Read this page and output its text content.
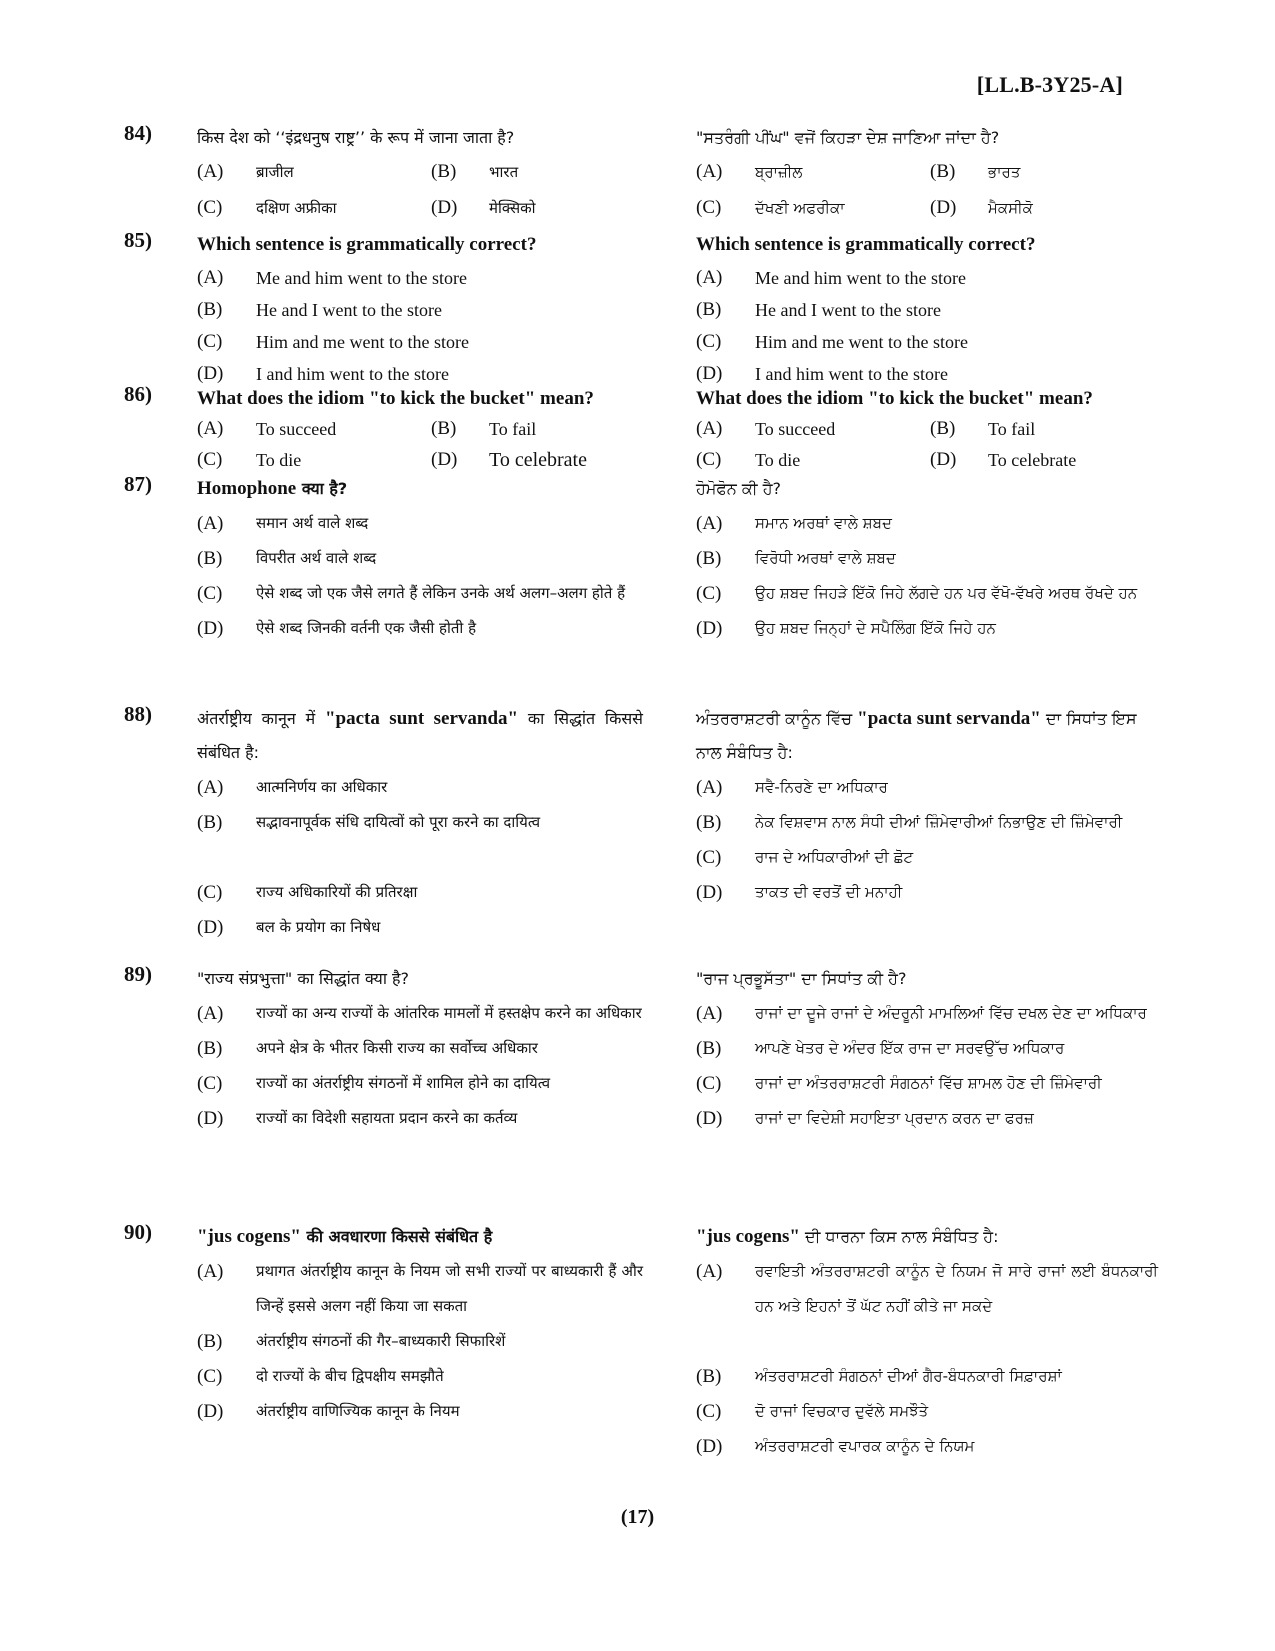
[LL.B-3Y25-A]
84)	किस देश को ‘‘इंद्रधनुष राष्ट्र’’ के रूप में जाना जाता है?

(A) ब्राजील	(B) भारत
(C) दक्षिण अफ्रीका	(D) मेक्सिको

"ਸਤਰੰਗੀ ਪੀਂਘ" ਵਜੋਂ ਕਿਹੜਾ ਦੇਸ਼ ਜਾਣਿਆ ਜਾਂਦਾ ਹੈ?

(A) ਬ੍ਰਾਜ਼ੀਲ	(B) ਭਾਰਤ
(C) ਦੱਖਣੀ ਅਫਰੀਕਾ	(D) ਮੈਕਸੀਕੋ
85) Which sentence is grammatically correct?

(A) Me and him went to the store
(B) He and I went to the store
(C) Him and me went to the store
(D) I and him went to the store

Which sentence is grammatically correct?

(A) Me and him went to the store
(B) He and I went to the store
(C) Him and me went to the store
(D) I and him went to the store
86) What does the idiom "to kick the bucket" mean?

(A) To succeed	(B) To fail
(C) To die	(D) To celebrate

What does the idiom "to kick the bucket" mean?

(A) To succeed	(B) To fail
(C) To die	(D) To celebrate
87) Homophone क्या है?

(A) समान अर्थ वाले शब्द
(B) विपरीत अर्थ वाले शब्द
(C) ऐसे शब्द जो एक जैसे लगते हैं लेकिन उनके अर्थ अलग–अलग होते हैं
(D) ऐसे शब्द जिनकी वर्तनी एक जैसी होती है

ਹੋਮੋਫੋਨ ਕੀ ਹੈ?

(A) ਸਮਾਨ ਅਰਥਾਂ ਵਾਲੇ ਸ਼ਬਦ
(B) ਵਿਰੋਧੀ ਅਰਥਾਂ ਵਾਲੇ ਸ਼ਬਦ
(C) ਉਹ ਸ਼ਬਦ ਜਿਹੜੇ ਇੱਕੋ ਜਿਹੇ ਲੱਗਦੇ ਹਨ ਪਰ ਵੱਖੋ-ਵੱਖਰੇ ਅਰਥ ਰੱਖਦੇ ਹਨ
(D) ਉਹ ਸ਼ਬਦ ਜਿਨ੍ਹਾਂ ਦੇ ਸਪੈਲਿੰਗ ਇੱਕੋ ਜਿਹੇ ਹਨ
88)	अंतर्राष्ट्रीय कानून में "pacta sunt servanda" का सिद्धांत किससे संबंधित है:

(A) आत्मनिर्णय का अधिकार
(B) सद्भावनापूर्वक संधि दायित्वों को पूरा करने का दायित्व
(C) राज्य अधिकारियों की प्रतिरक्षा
(D) बल के प्रयोग का निषेध

ਅੰਤਰਰਾਸ਼ਟਰੀ ਕਾਨੂੰਨ ਵਿੱਚ "pacta sunt servanda" ਦਾ ਸਿਧਾਂਤ ਇਸ ਨਾਲ ਸੰਬੰਧਿਤ ਹੈ:

(A) ਸਵੈ-ਨਿਰਣੇ ਦਾ ਅਧਿਕਾਰ
(B) ਨੇਕ ਵਿਸ਼ਵਾਸ ਨਾਲ ਸੰਧੀ ਦੀਆਂ ਜ਼ਿੰਮੇਵਾਰੀਆਂ ਨਿਭਾਉਣ ਦੀ ਜ਼ਿੰਮੇਵਾਰੀ
(C) ਰਾਜ ਦੇ ਅਧਿਕਾਰੀਆਂ ਦੀ ਛੋਟ
(D) ਤਾਕਤ ਦੀ ਵਰਤੋਂ ਦੀ ਮਨਾਹੀ
89)	"राज्य संप्रभुत्ता" का सिद्धांत क्या है?

(A) राज्यों का अन्य राज्यों के आंतरिक मामलों में हस्तक्षेप करने का अधिकार
(B) अपने क्षेत्र के भीतर किसी राज्य का सर्वोच्च अधिकार
(C) राज्यों का अंतर्राष्ट्रीय संगठनों में शामिल होने का दायित्व
(D) राज्यों का विदेशी सहायता प्रदान करने का कर्तव्य

"ਰਾਜ ਪ੍ਰਭੂਸੱਤਾ" ਦਾ ਸਿਧਾਂਤ ਕੀ ਹੈ?

(A) ਰਾਜਾਂ ਦਾ ਦੂਜੇ ਰਾਜਾਂ ਦੇ ਅੰਦਰੂਨੀ ਮਾਮਲਿਆਂ ਵਿੱਚ ਦਖਲ ਦੇਣ ਦਾ ਅਧਿਕਾਰ
(B) ਆਪਣੇ ਖੇਤਰ ਦੇ ਅੰਦਰ ਇੱਕ ਰਾਜ ਦਾ ਸਰਵਉੱਚ ਅਧਿਕਾਰ
(C) ਰਾਜਾਂ ਦਾ ਅੰਤਰਰਾਸ਼ਟਰੀ ਸੰਗਠਨਾਂ ਵਿੱਚ ਸ਼ਾਮਲ ਹੋਣ ਦੀ ਜ਼ਿੰਮੇਵਾਰੀ
(D) ਰਾਜਾਂ ਦਾ ਵਿਦੇਸ਼ੀ ਸਹਾਇਤਾ ਪ੍ਰਦਾਨ ਕਰਨ ਦਾ ਫਰਜ਼
90) "jus cogens" की अवधारणा किससे संबंधित है

(A) प्रथागत अंतर्राष्ट्रीय कानून के नियम जो सभी राज्यों पर बाध्यकारी हैं और जिन्हें इससे अलग नहीं किया जा सकता
(B) अंतर्राष्ट्रीय संगठनों की गैर–बाध्यकारी सिफारिशें
(C) दो राज्यों के बीच द्विपक्षीय समझौते
(D) अंतर्राष्ट्रीय वाणिज्यिक कानून के नियम

"jus cogens" ਦੀ ਧਾਰਨਾ ਕਿਸ ਨਾਲ ਸੰਬੰਧਿਤ ਹੈ:

(A) ਰਵਾਇਤੀ ਅੰਤਰਰਾਸ਼ਟਰੀ ਕਾਨੂੰਨ ਦੇ ਨਿਯਮ ਜੋ ਸਾਰੇ ਰਾਜਾਂ ਲਈ ਬੰਧਨਕਾਰੀ ਹਨ ਅਤੇ ਇਹਨਾਂ ਤੋਂ ਘੱਟ ਨਹੀਂ ਕੀਤੇ ਜਾ ਸਕਦੇ
(B) ਅੰਤਰਰਾਸ਼ਟਰੀ ਸੰਗਠਨਾਂ ਦੀਆਂ ਗੈਰ-ਬੰਧਨਕਾਰੀ ਸਿਫ਼ਾਰਸ਼ਾਂ
(C) ਦੋ ਰਾਜਾਂ ਵਿਚਕਾਰ ਦੁਵੱਲੇ ਸਮਝੌਤੇ
(D) ਅੰਤਰਰਾਸ਼ਟਰੀ ਵਪਾਰਕ ਕਾਨੂੰਨ ਦੇ ਨਿਯਮ
(17)
